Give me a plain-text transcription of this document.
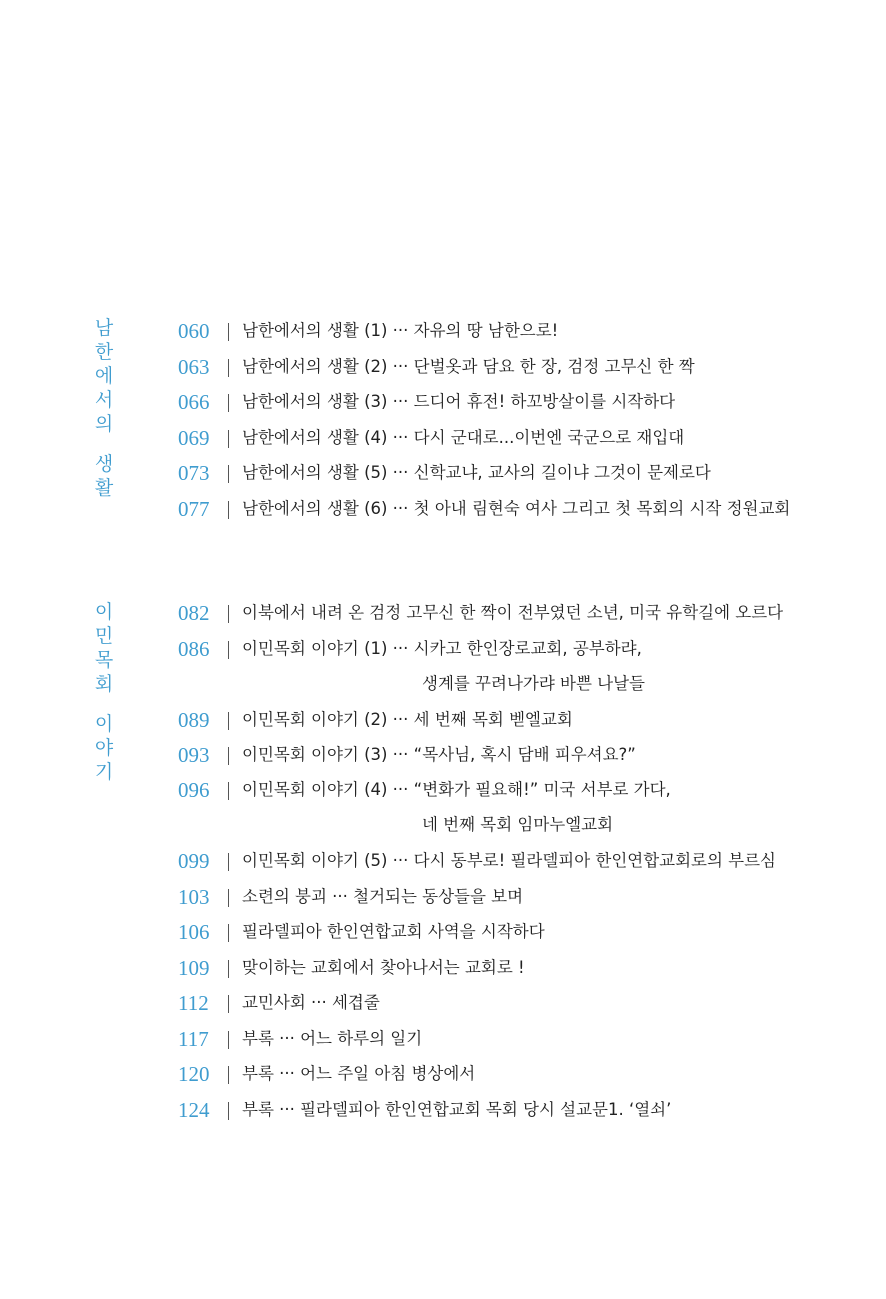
남
한
에
서
의
생
활
060	남한에서의 생활 (1) ··· 자유의 땅 남한으로!
063	남한에서의 생활 (2) ··· 단벌옷과 담요 한 장, 검정 고무신 한 짝
066	남한에서의 생활 (3) ··· 드디어 휴전! 하꼬방살이를 시작하다
069	남한에서의 생활 (4) ··· 다시 군대로...이번엔 국군으로 재입대
073	남한에서의 생활 (5) ··· 신학교냐, 교사의 길이냐 그것이 문제로다
077	남한에서의 생활 (6) ··· 첫 아내 림현숙 여사 그리고 첫 목회의 시작 정원교회
이
민
목
회
이
야
기
082	이북에서 내려 온 검정 고무신 한 짝이 전부였던 소년, 미국 유학길에 오르다
086	이민목회 이야기 (1) ··· 시카고 한인장로교회, 공부하랴,
생계를 꾸려나가랴 바쁜 나날들
089	이민목회 이야기 (2) ··· 세 번째 목회 벧엘교회
093	이민목회 이야기 (3) ··· “목사님, 혹시 담배 피우셔요?”
096	이민목회 이야기 (4) ··· “변화가 필요해!” 미국 서부로 가다,
네 번째 목회 임마누엘교회
099	이민목회 이야기 (5) ··· 다시 동부로! 필라델피아 한인연합교회로의 부르심
103	소련의 붕괴 ··· 철거되는 동상들을 보며
106	필라델피아 한인연합교회 사역을 시작하다
109	맞이하는 교회에서 찾아나서는 교회로 !
112	교민사회 ··· 세겹줄
117	부록 ··· 어느 하루의 일기
120	부록 ··· 어느 주일 아침 병상에서
124	부록 ··· 필라델피아 한인연합교회 목회 당시 설교문1. ‘열쇠’
